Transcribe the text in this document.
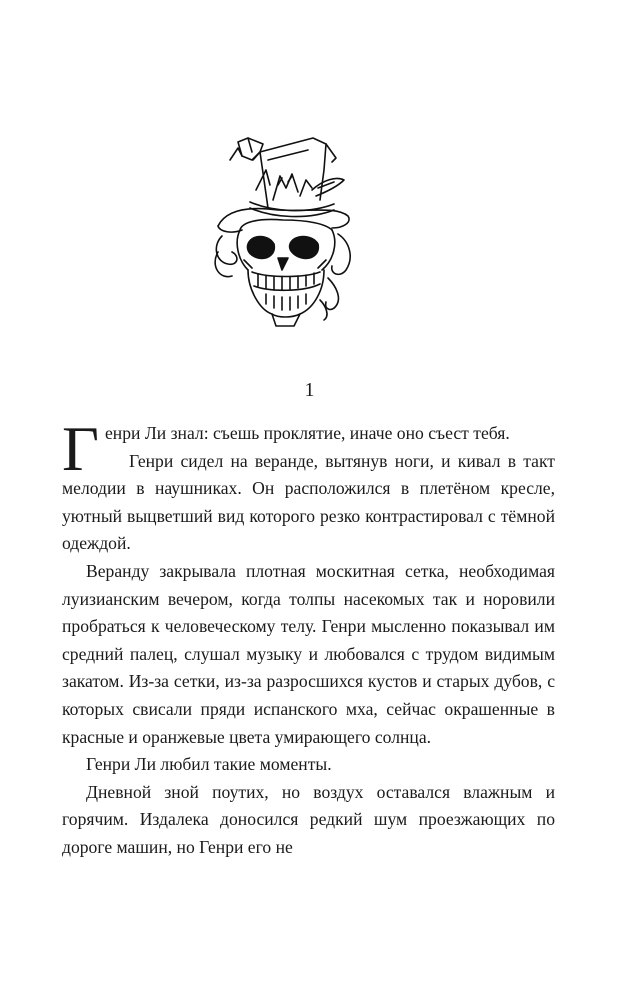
1

Генри Ли знал: съешь проклятие, иначе оно съест тебя.

Генри сидел на веранде, вытянув ноги, и кивал в такт мелодии в наушниках. Он расположился в плетёном кресле, уютный выцветший вид которого резко контрастировал с тёмной одеждой.

Веранду закрывала плотная москитная сетка, необходимая луизианским вечером, когда толпы насекомых так и норовили пробраться к человеческому телу. Генри мысленно показывал им средний палец, слушал музыку и любовался с трудом видимым закатом. Из-за сетки, из-за разросшихся кустов и старых дубов, с которых свисали пряди испанского мха, сейчас окрашенные в красные и оранжевые цвета умирающего солнца.

Генри Ли любил такие моменты.

Дневной зной поутих, но воздух оставался влажным и горячим. Издалека доносился редкий шум проезжающих по дороге машин, но Генри его не
